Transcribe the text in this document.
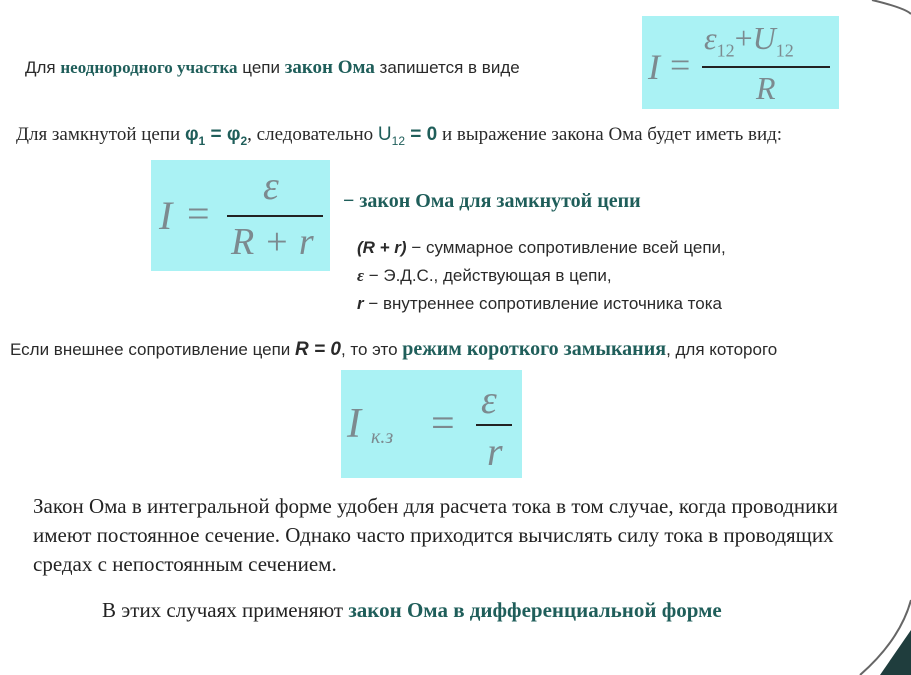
Для неоднородного участка цепи закон Ома запишется в виде	I =
$\varepsilon_{12}+U_{12}$
R
Для замкнутой цепи $\varphi_1 = \varphi_2$, следовательно $U_{12} = 0$ и выражение закона Ома будет иметь вид:
I =
ε
R + r
− закон Ома для замкнутой цепи
(R + r) − суммарное сопротивление всей цепи,
ε − Э.Д.С., действующая в цепи,
r − внутреннее сопротивление источника тока
Если внешнее сопротивление цепи R = 0, то это режим короткого замыкания, для которого
I к.з =
ε
r
Закон Ома в интегральной форме удобен для расчета тока в том случае, когда проводники имеют постоянное сечение. Однако часто приходится вычислять силу тока в проводящих средах с непостоянным сечением.
В этих случаях применяют закон Ома в дифференциальной форме
